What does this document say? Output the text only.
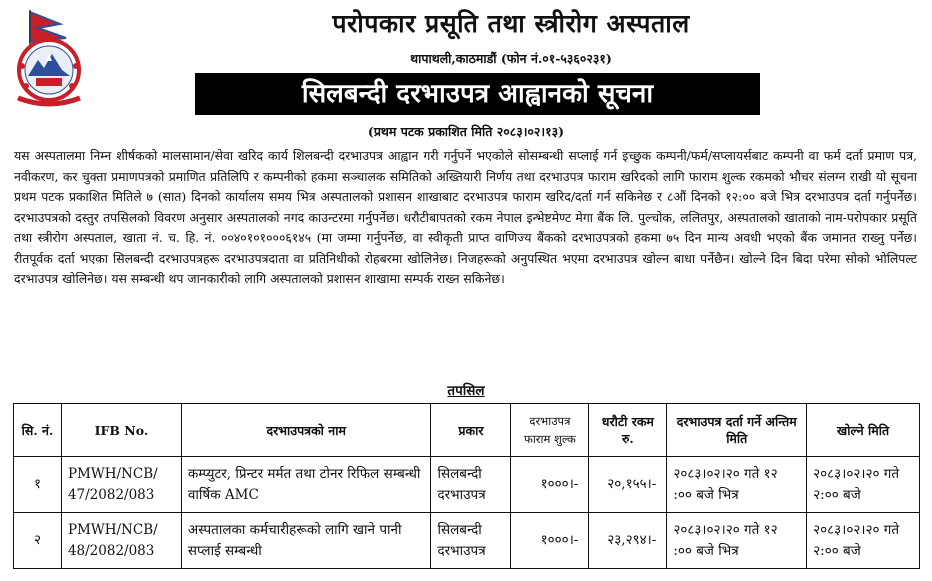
परोपकार प्रसूति तथा स्त्रीरोग अस्पताल
थापाथली,काठमाडौं (फोन नं.०१-५३६०२३१)
सिलबन्दी दरभाउपत्र आह्वानको सूचना
(प्रथम पटक प्रकाशित मिति २०८३।०२।१३)
यस अस्पतालमा निम्न शीर्षकको मालसामान/सेवा खरिद कार्य शिलबन्दी दरभाउपत्र आह्वान गरी गर्नुपर्ने भएकोले सोसम्बन्धी सप्लाई गर्न इच्छुक कम्पनी/फर्म/सप्लायर्सबाट कम्पनी वा फर्म दर्ता प्रमाण पत्र, नवीकरण, कर चुक्ता प्रमाणपत्रको प्रमाणित प्रतिलिपि र कम्पनीको हकमा सञ्चालक समितिको अख्तियारी निर्णय तथा दरभाउपत्र फाराम खरिदको लागि फाराम शुल्क रकमको भौचर संलग्न राखी यो सूचना प्रथम पटक प्रकाशित मितिले ७ (सात) दिनको कार्यालय समय भित्र अस्पतालको प्रशासन शाखाबाट दरभाउपत्र फाराम खरिद/दर्ता गर्न सकिनेछ र ८औं दिनको १२:०० बजे भित्र दरभाउपत्र दर्ता गर्नुपर्नेछ। दरभाउपत्रको दस्तुर तपसिलको विवरण अनुसार अस्पतालको नगद काउन्टरमा गर्नुपर्नेछ। धरौटीबापतको रकम नेपाल इन्भेष्टमेण्ट मेगा बैंक लि. पुल्चोक, ललितपुर, अस्पतालको खाताको नाम-परोपकार प्रसूति तथा स्त्रीरोग अस्पताल, खाता नं. च. हि. नं. ००४०१०१०००६१४५ (मा जम्मा गर्नुपर्नेछ, वा स्वीकृती प्राप्त वाणिज्य बैंकको दरभाउपत्रको हकमा ७५ दिन मान्य अवधी भएको बैंक जमानत राख्नु पर्नेछ। रीतपूर्वक दर्ता भएका सिलबन्दी दरभाउपत्रहरू दरभाउपत्रदाता वा प्रतिनिधीको रोहबरमा खोलिनेछ। निजहरूको अनुपस्थित भएमा दरभाउपत्र खोल्न बाधा पर्नेछैन। खोल्ने दिन बिदा परेमा सोको भोलिपल्ट दरभाउपत्र खोलिनेछ। यस सम्बन्धी थप जानकारीको लागि अस्पतालको प्रशासन शाखामा सम्पर्क राख्न सकिनेछ।
तपसिल
सि. नं.	IFB No.	दरभाउपत्रको नाम	प्रकार	दरभाउपत्र फाराम शुल्क	धरौटी रकम रु.	दरभाउपत्र दर्ता गर्ने अन्तिम मिति	खोल्ने मिति
१	PMWH/NCB/ 47/2082/083	कम्प्युटर, प्रिन्टर मर्मत तथा टोनर रिफिल सम्बन्धी वार्षिक AMC	सिलबन्दी दरभाउपत्र	१०००।-	२०,१५५।-	२०८३।०२।२० गते १२ :०० बजे भित्र	२०८३।०२।२० गते २:०० बजे
२	PMWH/NCB/ 48/2082/083	अस्पतालका कर्मचारीहरूको लागि खाने पानी सप्लाई सम्बन्धी	सिलबन्दी दरभाउपत्र	१०००।-	२३,२९४।-	२०८३।०२।२० गते १२ :०० बजे भित्र	२०८३।०२।२० गते २:०० बजे
